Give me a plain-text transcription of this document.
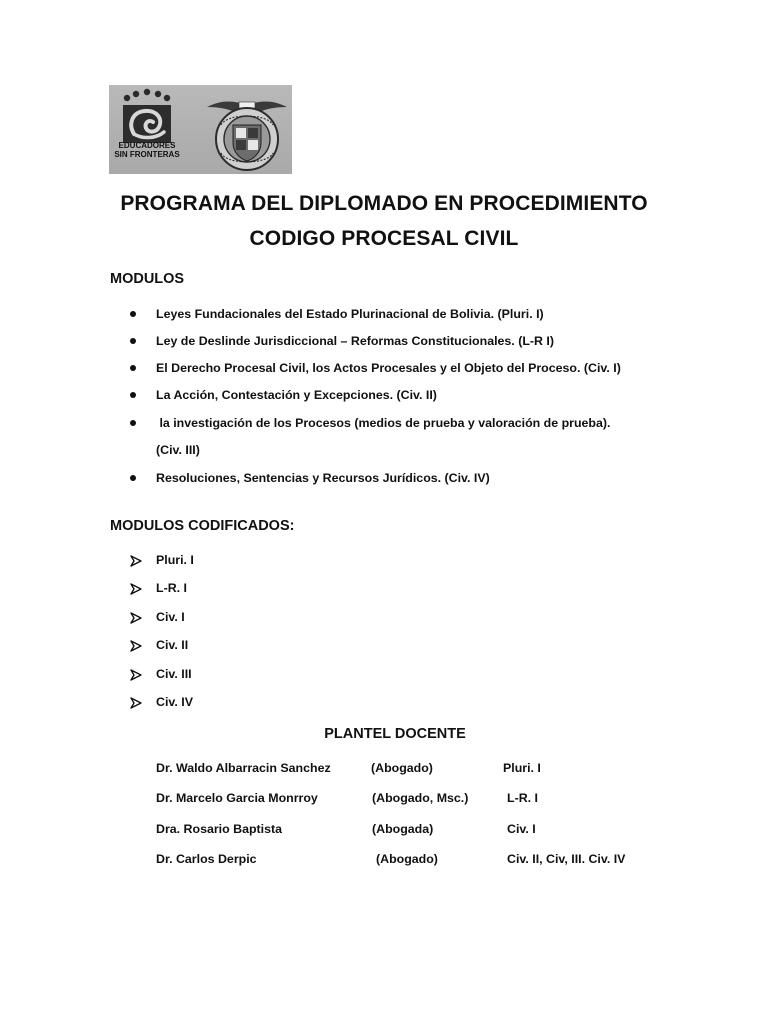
EDUCADORES
SIN FRONTERAS
PROGRAMA DEL DIPLOMADO EN PROCEDIMIENTO
CODIGO PROCESAL CIVIL
MODULOS
Leyes Fundacionales del Estado Plurinacional de Bolivia. (Pluri. I)
Ley de Deslinde Jurisdiccional – Reformas Constitucionales. (L-R I)
El Derecho Procesal Civil, los Actos Procesales y el Objeto del Proceso. (Civ. I)
La Acción, Contestación y Excepciones. (Civ. II)
la investigación de los Procesos (medios de prueba y valoración de prueba).
(Civ. III)
Resoluciones, Sentencias y Recursos Jurídicos. (Civ. IV)
MODULOS CODIFICADOS:
Pluri. I
L-R. I
Civ. I
Civ. II
Civ. III
Civ. IV
PLANTEL DOCENTE
Dr. Waldo Albarracin Sanchez	(Abogado)	Pluri. I
Dr. Marcelo Garcia Monrroy	(Abogado, Msc.)	L-R. I
Dra. Rosario Baptista	(Abogada)	Civ. I
Dr. Carlos Derpic	(Abogado)	Civ. II, Civ, III. Civ. IV
